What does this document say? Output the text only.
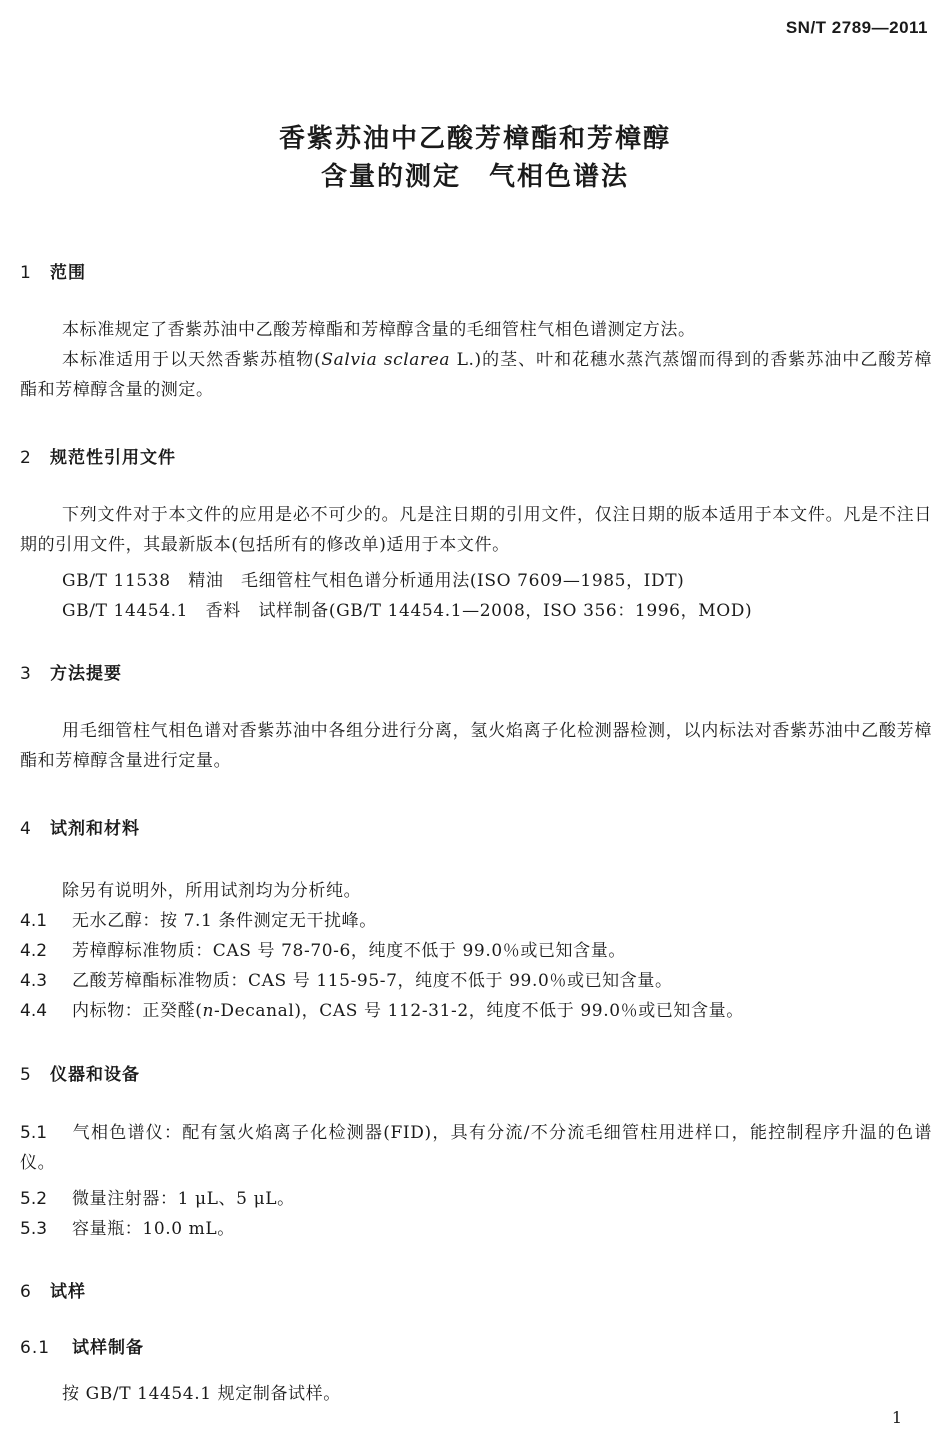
SN/T 2789—2011
香紫苏油中乙酸芳樟酯和芳樟醇
含量的测定　气相色谱法
1 范围
本标准规定了香紫苏油中乙酸芳樟酯和芳樟醇含量的毛细管柱气相色谱测定方法。
本标准适用于以天然香紫苏植物(Salvia sclarea L.)的茎、叶和花穗水蒸汽蒸馏而得到的香紫苏油中乙酸芳樟酯和芳樟醇含量的测定。
2 规范性引用文件
下列文件对于本文件的应用是必不可少的。凡是注日期的引用文件，仅注日期的版本适用于本文件。凡是不注日期的引用文件，其最新版本(包括所有的修改单)适用于本文件。
GB/T 11538　精油　毛细管柱气相色谱分析通用法(ISO 7609—1985，IDT)
GB/T 14454.1　香料　试样制备(GB/T 14454.1—2008，ISO 356：1996，MOD)
3 方法提要
用毛细管柱气相色谱对香紫苏油中各组分进行分离，氢火焰离子化检测器检测，以内标法对香紫苏油中乙酸芳樟酯和芳樟醇含量进行定量。
4 试剂和材料
除另有说明外，所用试剂均为分析纯。
4.1 无水乙醇：按 7.1 条件测定无干扰峰。
4.2 芳樟醇标准物质：CAS 号 78-70-6，纯度不低于 99.0％或已知含量。
4.3 乙酸芳樟酯标准物质：CAS 号 115-95-7，纯度不低于 99.0％或已知含量。
4.4 内标物：正癸醛(n-Decanal)，CAS 号 112-31-2，纯度不低于 99.0％或已知含量。
5 仪器和设备
5.1 气相色谱仪：配有氢火焰离子化检测器(FID)，具有分流/不分流毛细管柱用进样口，能控制程序升温的色谱仪。
5.2 微量注射器：1 μL、5 μL。
5.3 容量瓶：10.0 mL。
6 试样
6.1 试样制备
按 GB/T 14454.1 规定制备试样。
1
